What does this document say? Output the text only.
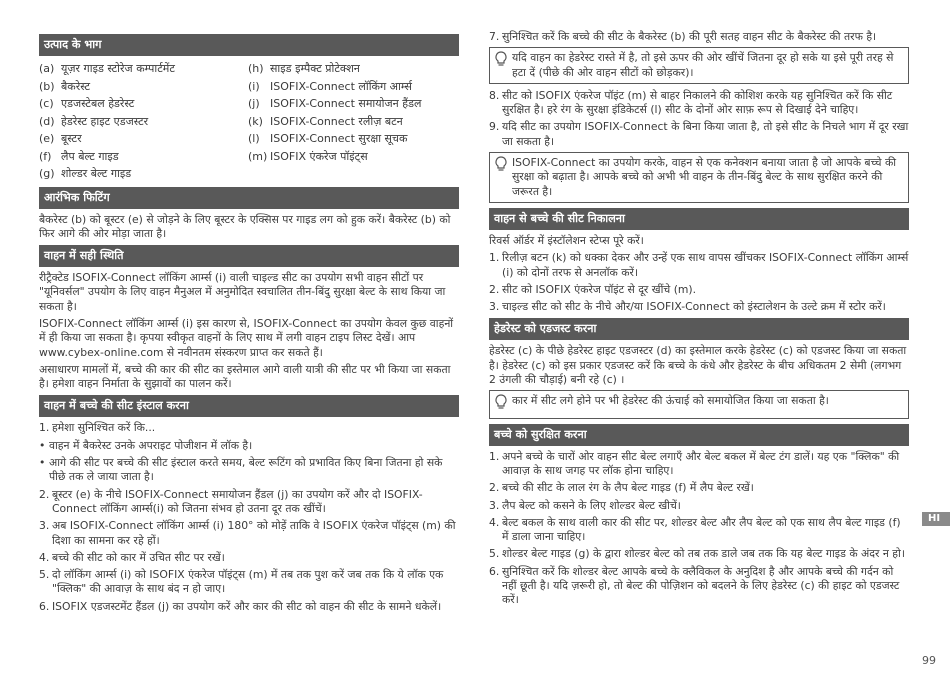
उत्पाद के भाग
(a) यूज़र गाइड स्टोरेज कम्पार्टमेंट
(b) बैकरेस्ट
(c) एडजस्टेबल हेडरेस्ट
(d) हेडरेस्ट हाइट एडजस्टर
(e) बूस्टर
(f) लैप बेल्ट गाइड
(g) शोल्डर बेल्ट गाइड
(h) साइड इम्पैक्ट प्रोटेक्शन
(i) ISOFIX-Connect लॉकिंग आर्म्स
(j) ISOFIX-Connect समायोजन हैंडल
(k) ISOFIX-Connect रलीज़ बटन
(l) ISOFIX-Connect सुरक्षा सूचक
(m) ISOFIX एंकरेज पॉइंट्स
आरंभिक फिटिंग

बैकरेस्ट (b) को बूस्टर (e) से जोड़ने के लिए बूस्टर के एक्सिस पर गाइड लग को हुक करें। बैकरेस्ट (b) को फिर आगे की ओर मोड़ा जाता है।

वाहन में सही स्थिति

रीट्रैक्टेड ISOFIX-Connect लॉकिंग आर्म्स (i) वाली चाइल्ड सीट का उपयोग सभी वाहन सीटों पर "यूनिवर्सल" उपयोग के लिए वाहन मैनुअल में अनुमोदित स्वचालित तीन-बिंदु सुरक्षा बेल्ट के साथ किया जा सकता है।

ISOFIX-Connect लॉकिंग आर्म्स (i) इस कारण से, ISOFIX-Connect का उपयोग केवल कुछ वाहनों में ही किया जा सकता है। कृपया स्वीकृत वाहनों के लिए साथ में लगी वाहन टाइप लिस्ट देखें। आप www.cybex-online.com से नवीनतम संस्करण प्राप्त कर सकते हैं।

असाधारण मामलों में, बच्चे की कार की सीट का इस्तेमाल आगे वाली यात्री की सीट पर भी किया जा सकता है। हमेशा वाहन निर्माता के सुझावों का पालन करें।

वाहन में बच्चे की सीट इंस्टाल करना
1. हमेशा सुनिश्चित करें कि...
• वाहन में बैकरेस्ट उनके अपराइट पोजीशन में लॉक है।
• आगे की सीट पर बच्चे की सीट इंस्टाल करते समय, बेल्ट रूटिंग को प्रभावित किए बिना जितना हो सके पीछे तक ले जाया जाता है।
2. बूस्टर (e) के नीचे ISOFIX-Connect समायोजन हैंडल (j) का उपयोग करें और दो ISOFIX-Connect लॉकिंग आर्म्स(i) को जितना संभव हो उतना दूर तक खींचें।
3. अब ISOFIX-Connect लॉकिंग आर्म्स (i) 180° को मोड़ें ताकि वे ISOFIX एंकरेज पॉइंट्स (m) की दिशा का सामना कर रहे हों।
4. बच्चे की सीट को कार में उचित सीट पर रखें।
5. दो लॉकिंग आर्म्स (i) को ISOFIX एंकरेज पॉइंट्स (m) में तब तक पुश करें जब तक कि ये लॉक एक "क्लिक" की आवाज़ के साथ बंद न हो जाए।
6. ISOFIX एडजस्टमेंट हैंडल (j) का उपयोग करें और कार की सीट को वाहन की सीट के सामने धकेलें।
7. सुनिश्चित करें कि बच्चे की सीट के बैकरेस्ट (b) की पूरी सतह वाहन सीट के बैकरेस्ट की तरफ है।
यदि वाहन का हेडरेस्ट रास्ते में है, तो इसे ऊपर की ओर खींचें जितना दूर हो सके या इसे पूरी तरह से हटा दें (पीछे की ओर वाहन सीटों को छोड़कर)।
8. सीट को ISOFIX एंकरेज पॉइंट (m) से बाहर निकालने की कोशिश करके यह सुनिश्चित करें कि सीट सुरक्षित है। हरे रंग के सुरक्षा इंडिकेटर्स (l) सीट के दोनों ओर साफ़ रूप से दिखाई देने चाहिए।
9. यदि सीट का उपयोग ISOFIX-Connect के बिना किया जाता है, तो इसे सीट के निचले भाग में दूर रखा जा सकता है।
ISOFIX-Connect का उपयोग करके, वाहन से एक कनेक्शन बनाया जाता है जो आपके बच्चे की सुरक्षा को बढ़ाता है। आपके बच्चे को अभी भी वाहन के तीन-बिंदु बेल्ट के साथ सुरक्षित करने की जरूरत है।
वाहन से बच्चे की सीट निकालना

रिवर्स ऑर्डर में इंस्टॉलेशन स्टेप्स पूरे करें।

1. रिलीज़ बटन (k) को धक्का देकर और उन्हें एक साथ वापस खींचकर ISOFIX-Connect लॉकिंग आर्म्स (i) को दोनों तरफ से अनलॉक करें।
2. सीट को ISOFIX एंकरेज पॉइंट से दूर खींचे (m).
3. चाइल्ड सीट को सीट के नीचे और/या ISOFIX-Connect को इंस्टालेशन के उल्टे क्रम में स्टोर करें।
हेडरेस्ट को एडजस्ट करना

हेडरेस्ट (c) के पीछे हेडरेस्ट हाइट एडजस्टर (d) का इस्तेमाल करके हेडरेस्ट (c) को एडजस्ट किया जा सकता है। हेडरेस्ट (c) को इस प्रकार एडजस्ट करें कि बच्चे के कंधे और हेडरेस्ट के बीच अधिकतम 2 सेमी (लगभग 2 उंगली की चौड़ाई) बनी रहे (c) ।

कार में सीट लगे होने पर भी हेडरेस्ट की ऊंचाई को समायोजित किया जा सकता है।
बच्चे को सुरक्षित करना
1. अपने बच्चे के चारों ओर वाहन सीट बेल्ट लगाएँ और बेल्ट बकल में बेल्ट टंग डालें। यह एक "क्लिक" की आवाज़ के साथ जगह पर लॉक होना चाहिए।
2. बच्चे की सीट के लाल रंग के लैप बेल्ट गाइड (f) में लैप बेल्ट रखें।
3. लैप बेल्ट को कसने के लिए शोल्डर बेल्ट खीचें।
4. बेल्ट बकल के साथ वाली कार की सीट पर, शोल्डर बेल्ट और लैप बेल्ट को एक साथ लैप बेल्ट गाइड (f) में डाला जाना चाहिए।
5. शोल्डर बेल्ट गाइड (g) के द्वारा शोल्डर बेल्ट को तब तक डाले जब तक कि यह बेल्ट गाइड के अंदर न हो।
6. सुनिश्चित करें कि शोल्डर बेल्ट आपके बच्चे के क्लैविकल के अनुदिश है और आपके बच्चे की गर्दन को नहीं छूती है। यदि ज़रूरी हो, तो बेल्ट की पोज़िशन को बदलने के लिए हेडरेस्ट (c) की हाइट को एडजस्ट करें।
HI
99
